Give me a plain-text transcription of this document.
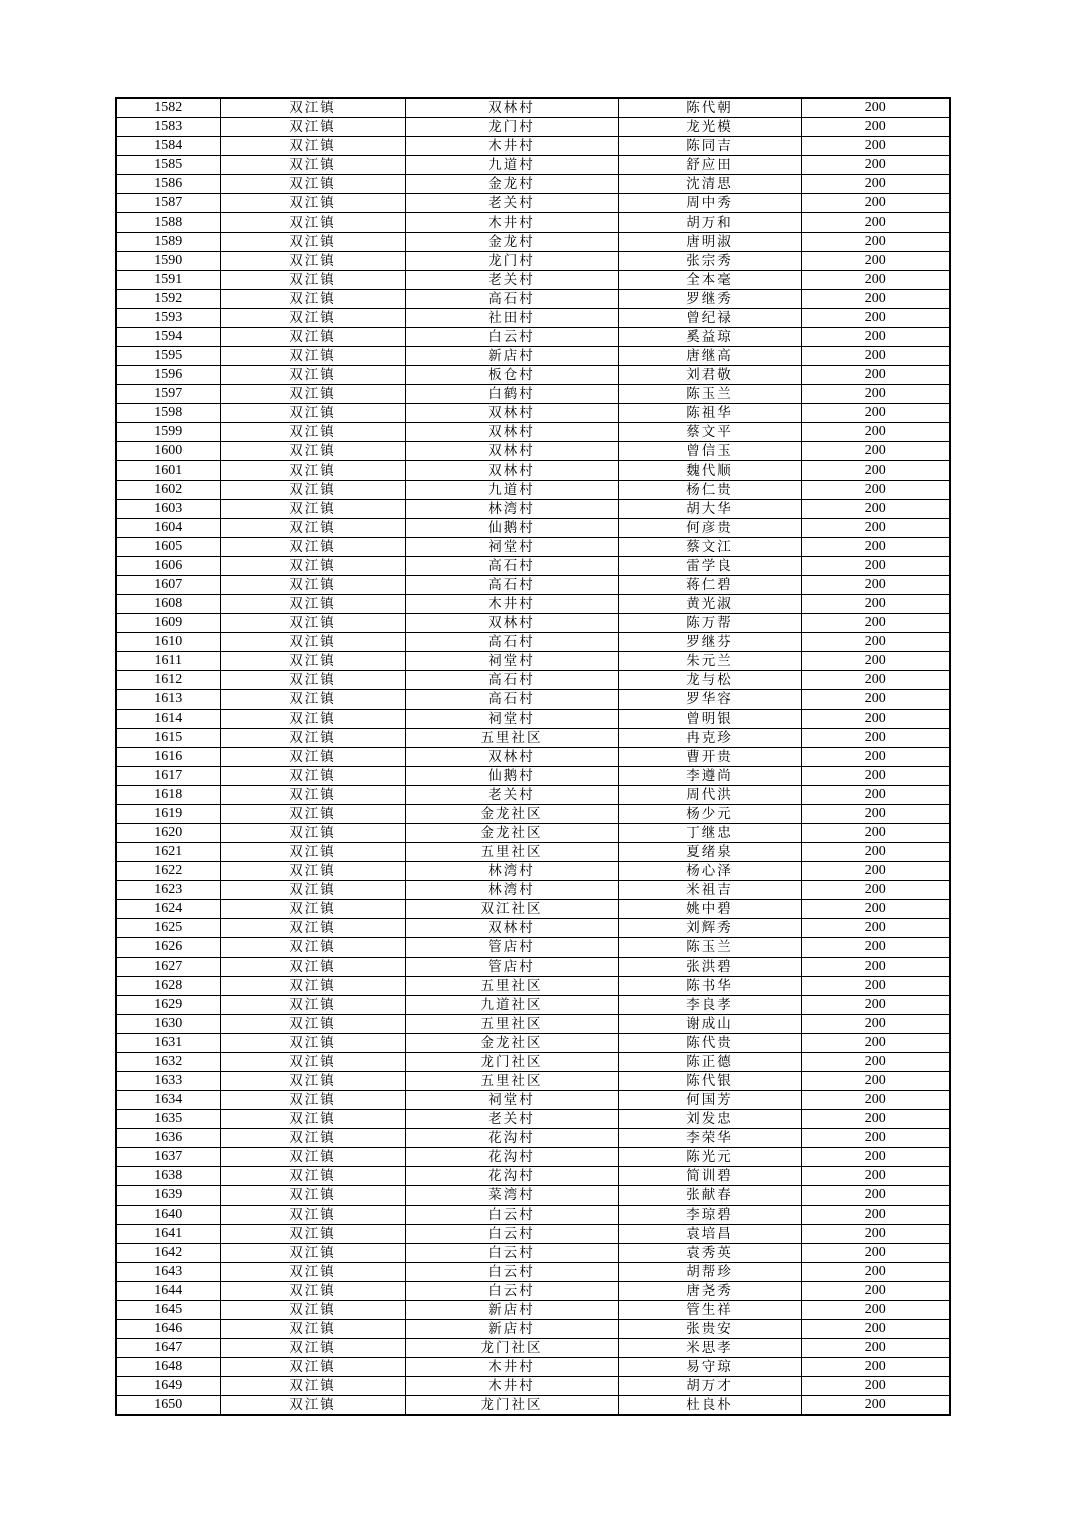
1582	双江镇	双林村	陈代朝	200
1583	双江镇	龙门村	龙光模	200
1584	双江镇	木井村	陈同吉	200
1585	双江镇	九道村	舒应田	200
1586	双江镇	金龙村	沈清思	200
1587	双江镇	老关村	周中秀	200
1588	双江镇	木井村	胡万和	200
1589	双江镇	金龙村	唐明淑	200
1590	双江镇	龙门村	张宗秀	200
1591	双江镇	老关村	全本毫	200
1592	双江镇	高石村	罗继秀	200
1593	双江镇	社田村	曾纪禄	200
1594	双江镇	白云村	奚益琼	200
1595	双江镇	新店村	唐继高	200
1596	双江镇	板仓村	刘君敬	200
1597	双江镇	白鹤村	陈玉兰	200
1598	双江镇	双林村	陈祖华	200
1599	双江镇	双林村	蔡文平	200
1600	双江镇	双林村	曾信玉	200
1601	双江镇	双林村	魏代顺	200
1602	双江镇	九道村	杨仁贵	200
1603	双江镇	林湾村	胡大华	200
1604	双江镇	仙鹅村	何彦贵	200
1605	双江镇	祠堂村	蔡文江	200
1606	双江镇	高石村	雷学良	200
1607	双江镇	高石村	蒋仁碧	200
1608	双江镇	木井村	黄光淑	200
1609	双江镇	双林村	陈万帮	200
1610	双江镇	高石村	罗继芬	200
1611	双江镇	祠堂村	朱元兰	200
1612	双江镇	高石村	龙与松	200
1613	双江镇	高石村	罗华容	200
1614	双江镇	祠堂村	曾明银	200
1615	双江镇	五里社区	冉克珍	200
1616	双江镇	双林村	曹开贵	200
1617	双江镇	仙鹅村	李遵尚	200
1618	双江镇	老关村	周代洪	200
1619	双江镇	金龙社区	杨少元	200
1620	双江镇	金龙社区	丁继忠	200
1621	双江镇	五里社区	夏绪泉	200
1622	双江镇	林湾村	杨心泽	200
1623	双江镇	林湾村	米祖吉	200
1624	双江镇	双江社区	姚中碧	200
1625	双江镇	双林村	刘辉秀	200
1626	双江镇	管店村	陈玉兰	200
1627	双江镇	管店村	张洪碧	200
1628	双江镇	五里社区	陈书华	200
1629	双江镇	九道社区	李良孝	200
1630	双江镇	五里社区	谢成山	200
1631	双江镇	金龙社区	陈代贵	200
1632	双江镇	龙门社区	陈正德	200
1633	双江镇	五里社区	陈代银	200
1634	双江镇	祠堂村	何国芳	200
1635	双江镇	老关村	刘发忠	200
1636	双江镇	花沟村	李荣华	200
1637	双江镇	花沟村	陈光元	200
1638	双江镇	花沟村	简训碧	200
1639	双江镇	菜湾村	张献春	200
1640	双江镇	白云村	李琼碧	200
1641	双江镇	白云村	袁培昌	200
1642	双江镇	白云村	袁秀英	200
1643	双江镇	白云村	胡帮珍	200
1644	双江镇	白云村	唐尧秀	200
1645	双江镇	新店村	管生祥	200
1646	双江镇	新店村	张贵安	200
1647	双江镇	龙门社区	米思孝	200
1648	双江镇	木井村	易守琼	200
1649	双江镇	木井村	胡万才	200
1650	双江镇	龙门社区	杜良朴	200
